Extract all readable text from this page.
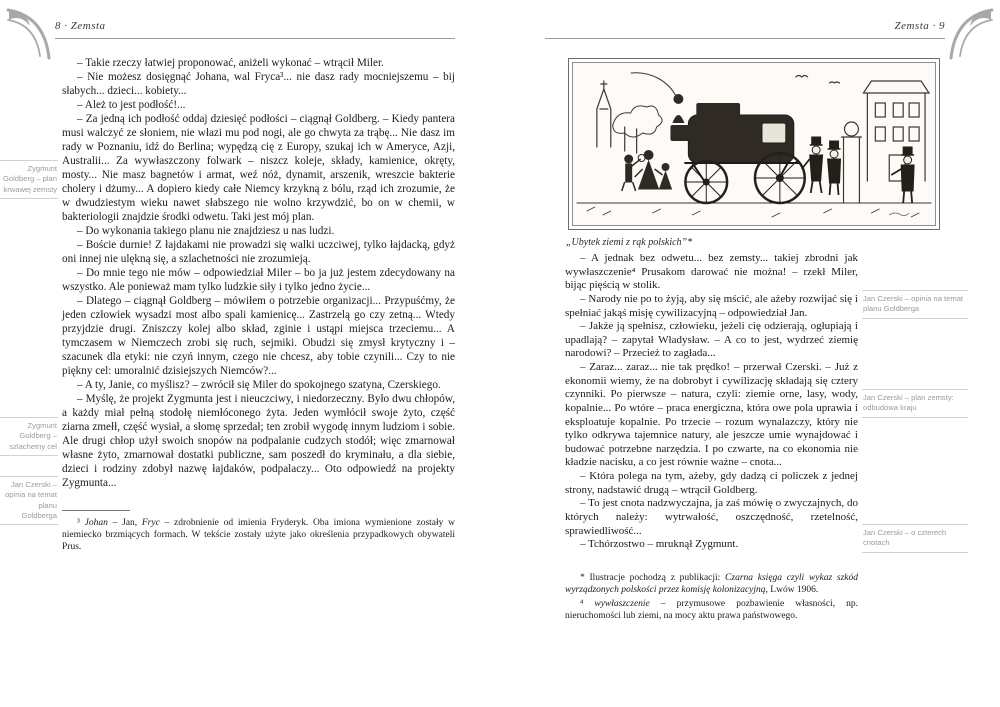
8 · Zemsta	Zemsta · 9
Zygmunt Goldberg – plan krwawej zemsty
Zygmunt Goldberg – szlachetny cel
Jan Czerski – opinia na temat planu Goldberga

– Takie rzeczy łatwiej proponować, aniżeli wykonać – wtrącił Miler.

– Nie możesz dosięgnąć Johana, wal Fryca³... nie dasz rady mocniejszemu – bij słabych... dzieci... kobiety...

– Ależ to jest podłość!...

– Za jedną ich podłość oddaj dziesięć podłości – ciągnął Goldberg. – Kiedy pantera musi walczyć ze słoniem, nie włazi mu pod nogi, ale go chwyta za trąbę... Nie dasz im rady w Poznaniu, idź do Berlina; wypędzą cię z Europy, szukaj ich w Ameryce, Azji, Australii... Za wywłaszczony folwark – niszcz koleje, składy, kamienice, okręty, mosty... Nie masz bagnetów i armat, weź nóż, dynamit, arszenik, wreszcie bakterie cholery i dżumy... A dopiero kiedy całe Niemcy krzykną z bólu, rząd ich zrozumie, że w dwudziestym wieku nawet słabszego nie wolno krzywdzić, bo on w chemii, w bakteriologii znajdzie środki odwetu. Taki jest mój plan.

– Do wykonania takiego planu nie znajdziesz u nas ludzi.

– Boście durnie! Z łajdakami nie prowadzi się walki uczciwej, tylko łajdacką, gdyż oni innej nie ulękną się, a szlachetności nie zrozumieją.

– Do mnie tego nie mów – odpowiedział Miler – bo ja już jestem zdecydowany na wszystko. Ale ponieważ mam tylko ludzkie siły i tylko jedno życie...

– Dlatego – ciągnął Goldberg – mówiłem o potrzebie organizacji... Przypuśćmy, że jeden człowiek wysadzi most albo spali kamienicę... Zastrzelą go czy zetną... Wtedy przyjdzie drugi. Zniszczy kolej albo skład, zginie i ustąpi miejsca trzeciemu... A tymczasem w Niemczech zrobi się ruch, sejmiki. Obudzi się zmysł krytyczny i – szacunek dla etyki: nie czyń innym, czego nie chcesz, aby tobie czynili... Czy to nie piękny cel: umoralnić dzisiejszych Niemców?...

– A ty, Janie, co myślisz? – zwrócił się Miler do spokojnego szatyna, Czerskiego.

– Myślę, że projekt Zygmunta jest i nieuczciwy, i niedorzeczny. Było dwu chłopów, a każdy miał pełną stodołę niemłóconego żyta. Jeden wymłócił swoje żyto, część ziarna zmełł, część wysiał, a słomę sprzedał; ten zrobił wygodę innym ludziom i sobie. Ale drugi chłop użył swoich snopów na podpalanie cudzych stodół; więc zmarnował własne żyto, zmarnował dostatki publiczne, sam poszedł do kryminału, a dla siebie, dzieci i rodziny zdobył nazwę łajdaków, podpalaczy... Oto odpowiedź na projekty Zygmunta...

³ Johan – Jan, Fryc – zdrobnienie od imienia Fryderyk. Oba imiona wymienione zostały w niemiecko brzmiących formach. W tekście zostały użyte jako określenia przypadkowych obywateli Prus.

„Ubytek ziemi z rąk polskich”*
Jan Czerski – opinia na temat planu Goldberga
Jan Czerski – plan zemsty: odbudowa kraju
Jan Czerski – o czterech cnotach

– A jednak bez odwetu... bez zemsty... takiej zbrodni jak wywłaszczenie⁴ Prusakom darować nie można! – rzekł Miler, bijąc pięścią w stolik.

– Narody nie po to żyją, aby się mścić, ale ażeby rozwijać się i spełniać jakąś misję cywilizacyjną – odpowiedział Jan.

– Jakże ją spełnisz, człowieku, jeżeli cię odzierają, ogłupiają i upadlają? – zapytał Władysław. – A co to jest, wydrzeć ziemię narodowi? – Przecież to zagłada...

– Zaraz... zaraz... nie tak prędko! – przerwał Czerski. – Już z ekonomii wiemy, że na dobrobyt i cywilizację składają się cztery czynniki. Po pierwsze – natura, czyli: ziemie orne, lasy, wody, kopalnie... Po wtóre – praca energiczna, która owe pola uprawia i eksploatuje kopalnie. Po trzecie – rozum wynalazczy, który nie tylko odkrywa tajemnice natury, ale jeszcze umie wynajdować i budować potrzebne narzędzia. I po czwarte, na co ekonomia nie kładzie nacisku, a co jest równie ważne – cnota...

– Która polega na tym, ażeby, gdy dadzą ci policzek z jednej strony, nadstawić drugą – wtrącił Goldberg.

– To jest cnota nadzwyczajna, ja zaś mówię o zwyczajnych, do których należy: wytrwałość, oszczędność, rzetelność, sprawiedliwość...

– Tchórzostwo – mruknął Zygmunt.

* Ilustracje pochodzą z publikacji: Czarna księga czyli wykaz szkód wyrządzonych polskości przez komisję kolonizacyjną, Lwów 1906.

⁴ wywłaszczenie – przymusowe pozbawienie własności, np. nieruchomości lub ziemi, na mocy aktu prawa państwowego.
